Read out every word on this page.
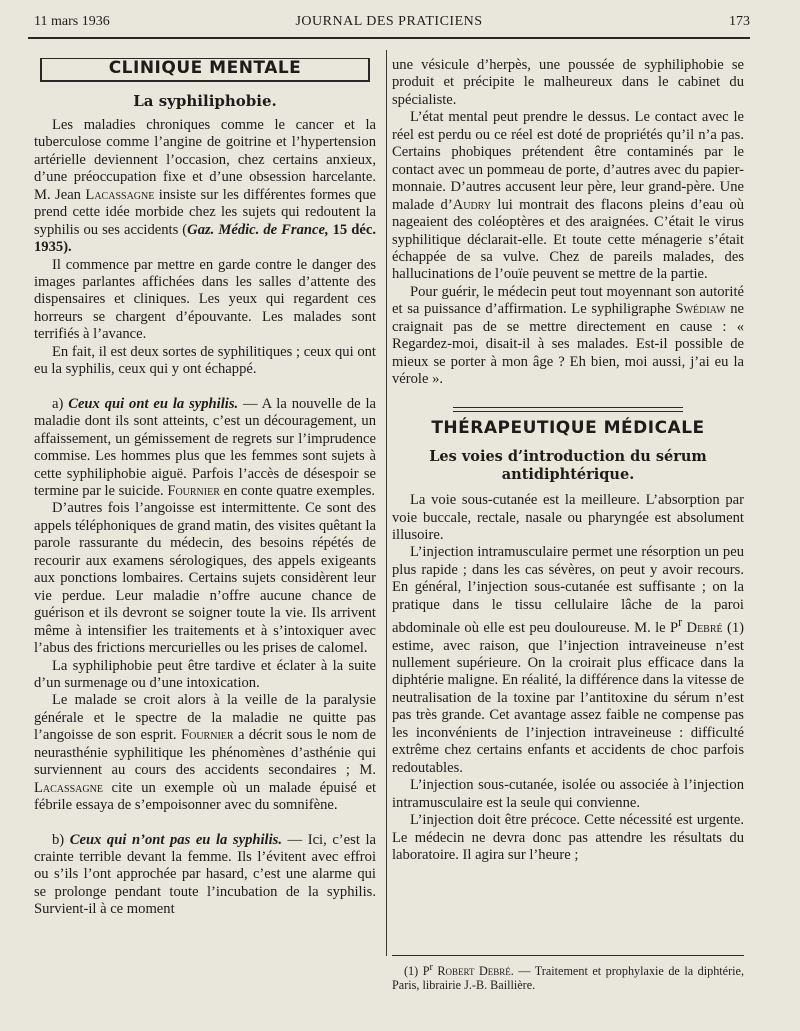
JOURNAL DES PRATICIENS
11 mars 1936	173
CLINIQUE MENTALE
La syphiliphobie.

Les maladies chroniques comme le cancer et la tuberculose comme l’angine de goitrine et l’hypertension artérielle deviennent l’occasion, chez certains anxieux, d’une préoccupation fixe et d’une obsession harcelante. M. Jean Lacassagne insiste sur les différentes formes que prend cette idée morbide chez les sujets qui redoutent la syphilis ou ses accidents (Gaz. Médic. de France, 15 déc. 1935).

Il commence par mettre en garde contre le danger des images parlantes affichées dans les salles d’attente des dispensaires et cliniques. Les yeux qui regardent ces horreurs se chargent d’épouvante. Les malades sont terrifiés à l’avance.

En fait, il est deux sortes de syphilitiques ; ceux qui ont eu la syphilis, ceux qui y ont échappé.

a) Ceux qui ont eu la syphilis. — A la nouvelle de la maladie dont ils sont atteints, c’est un découragement, un affaissement, un gémissement de regrets sur l’imprudence commise. Les hommes plus que les femmes sont sujets à cette syphiliphobie aiguë. Parfois l’accès de désespoir se termine par le suicide. Fournier en conte quatre exemples.

D’autres fois l’angoisse est intermittente. Ce sont des appels téléphoniques de grand matin, des visites quêtant la parole rassurante du médecin, des besoins répétés de recourir aux examens sérologiques, des appels exigeants aux ponctions lombaires. Certains sujets considèrent leur vie perdue. Leur maladie n’offre aucune chance de guérison et ils devront se soigner toute la vie. Ils arrivent même à intensifier les traitements et à s’intoxiquer avec l’abus des frictions mercurielles ou les prises de calomel.

La syphiliphobie peut être tardive et éclater à la suite d’un surmenage ou d’une intoxication.

Le malade se croit alors à la veille de la paralysie générale et le spectre de la maladie ne quitte pas l’angoisse de son esprit. Fournier a décrit sous le nom de neurasthénie syphilitique les phénomènes d’asthénie qui surviennent au cours des accidents secondaires ; M. Lacassagne cite un exemple où un malade épuisé et fébrile essaya de s’empoisonner avec du somnifène.

b) Ceux qui n’ont pas eu la syphilis. — Ici, c’est la crainte terrible devant la femme. Ils l’évitent avec effroi ou s’ils l’ont approchée par hasard, c’est une alarme qui se prolonge pendant toute l’incubation de la syphilis. Survient-il à ce moment

une vésicule d’herpès, une poussée de syphiliphobie se produit et précipite le malheureux dans le cabinet du spécialiste.

L’état mental peut prendre le dessus. Le contact avec le réel est perdu ou ce réel est doté de propriétés qu’il n’a pas. Certains phobiques prétendent être contaminés par le contact avec un pommeau de porte, d’autres avec du papier-monnaie. D’autres accusent leur père, leur grand-père. Une malade d’Audry lui montrait des flacons pleins d’eau où nageaient des coléoptères et des araignées. C’était le virus syphilitique déclarait-elle. Et toute cette ménagerie s’était échappée de sa vulve. Chez de pareils malades, des hallucinations de l’ouïe peuvent se mettre de la partie.

Pour guérir, le médecin peut tout moyennant son autorité et sa puissance d’affirmation. Le syphiligraphe Swédiaw ne craignait pas de se mettre directement en cause : « Regardez-moi, disait-il à ses malades. Est-il possible de mieux se porter à mon âge ? Eh bien, moi aussi, j’ai eu la vérole ».

THÉRAPEUTIQUE MÉDICALE
Les voies d’introduction du sérum
antidiphtérique.

La voie sous-cutanée est la meilleure. L’absorption par voie buccale, rectale, nasale ou pharyngée est absolument illusoire.

L’injection intramusculaire permet une résorption un peu plus rapide ; dans les cas sévères, on peut y avoir recours. En général, l’injection sous-cutanée est suffisante ; on la pratique dans le tissu cellulaire lâche de la paroi abdominale où elle est peu douloureuse. M. le $P^r$ Debré (1) estime, avec raison, que l’injection intraveineuse n’est nullement supérieure. On la croirait plus efficace dans la diphtérie maligne. En réalité, la différence dans la vitesse de neutralisation de la toxine par l’antitoxine du sérum n’est pas très grande. Cet avantage assez faible ne compense pas les inconvénients de l’injection intraveineuse : difficulté extrême chez certains enfants et accidents de choc parfois redoutables.

L’injection sous-cutanée, isolée ou associée à l’injection intramusculaire est la seule qui convienne.

L’injection doit être précoce. Cette nécessité est urgente. Le médecin ne devra donc pas attendre les résultats du laboratoire. Il agira sur l’heure ;

(1) $P^r$ Robert Debré. — Traitement et prophylaxie de la diphtérie, Paris, librairie J.-B. Baillière.
